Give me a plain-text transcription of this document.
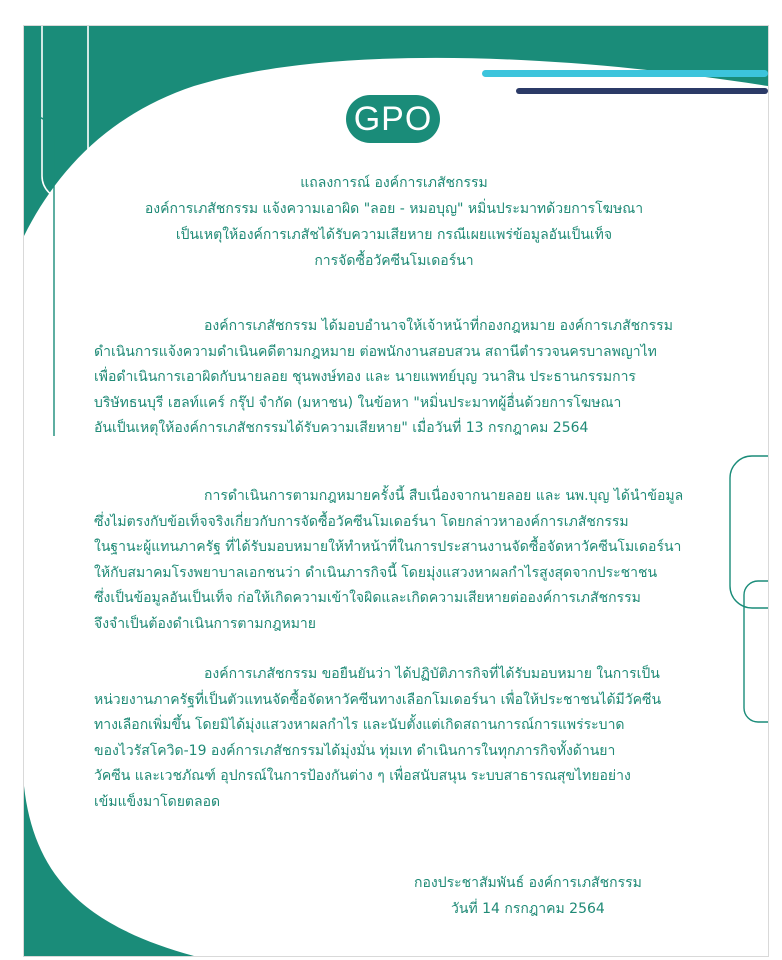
GPO
แถลงการณ์ องค์การเภสัชกรรม
องค์การเภสัชกรรม แจ้งความเอาผิด "ลอย - หมอบุญ" หมิ่นประมาทด้วยการโฆษณา
เป็นเหตุให้องค์การเภสัชได้รับความเสียหาย กรณีเผยแพร่ข้อมูลอันเป็นเท็จ
การจัดซื้อวัคซีนโมเดอร์นา
องค์การเภสัชกรรม ได้มอบอำนาจให้เจ้าหน้าที่กองกฎหมาย องค์การเภสัชกรรม
ดำเนินการแจ้งความดำเนินคดีตามกฎหมาย ต่อพนักงานสอบสวน สถานีตำรวจนครบาลพญาไท
เพื่อดำเนินการเอาผิดกับนายลอย ชุนพงษ์ทอง และ นายแพทย์บุญ วนาสิน ประธานกรรมการ
บริษัทธนบุรี เฮลท์แคร์ กรุ๊ป จำกัด (มหาชน) ในข้อหา "หมิ่นประมาทผู้อื่นด้วยการโฆษณา
อันเป็นเหตุให้องค์การเภสัชกรรมได้รับความเสียหาย" เมื่อวันที่ 13 กรกฎาคม 2564
การดำเนินการตามกฎหมายครั้งนี้ สืบเนื่องจากนายลอย และ นพ.บุญ ได้นำข้อมูล
ซึ่งไม่ตรงกับข้อเท็จจริงเกี่ยวกับการจัดซื้อวัคซีนโมเดอร์นา โดยกล่าวหาองค์การเภสัชกรรม
ในฐานะผู้แทนภาครัฐ ที่ได้รับมอบหมายให้ทำหน้าที่ในการประสานงานจัดซื้อจัดหาวัคซีนโมเดอร์นา
ให้กับสมาคมโรงพยาบาลเอกชนว่า ดำเนินภารกิจนี้ โดยมุ่งแสวงหาผลกำไรสูงสุดจากประชาชน
ซึ่งเป็นข้อมูลอันเป็นเท็จ ก่อให้เกิดความเข้าใจผิดและเกิดความเสียหายต่อองค์การเภสัชกรรม
จึงจำเป็นต้องดำเนินการตามกฎหมาย
องค์การเภสัชกรรม ขอยืนยันว่า ได้ปฏิบัติภารกิจที่ได้รับมอบหมาย ในการเป็น
หน่วยงานภาครัฐที่เป็นตัวแทนจัดซื้อจัดหาวัคซีนทางเลือกโมเดอร์นา เพื่อให้ประชาชนได้มีวัคซีน
ทางเลือกเพิ่มขึ้น โดยมิได้มุ่งแสวงหาผลกำไร และนับตั้งแต่เกิดสถานการณ์การแพร่ระบาด
ของไวรัสโควิด-19 องค์การเภสัชกรรมได้มุ่งมั่น ทุ่มเท ดำเนินการในทุกภารกิจทั้งด้านยา
วัคซีน และเวชภัณฑ์ อุปกรณ์ในการป้องกันต่าง ๆ เพื่อสนับสนุน ระบบสาธารณสุขไทยอย่าง
เข้มแข็งมาโดยตลอด
กองประชาสัมพันธ์ องค์การเภสัชกรรม
วันที่ 14 กรกฎาคม 2564
